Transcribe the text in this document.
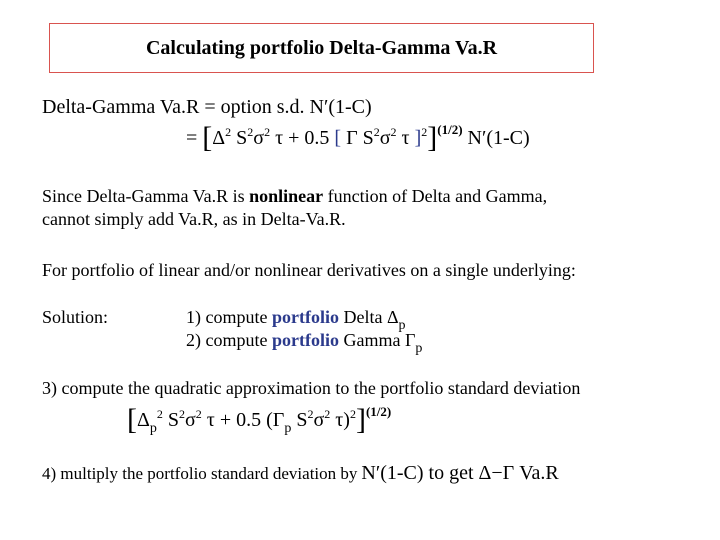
Calculating portfolio Delta-Gamma Va.R
Delta-Gamma Va.R = option s.d. N′(1-C)
= [$\Delta^2$ $S^2\sigma^2$ τ + 0.5 [ Γ $S^2\sigma^2$ τ ]$^2$]$^{(1/2)}$ N′(1-C)
Since Delta-Gamma Va.R is nonlinear function of Delta and Gamma,
cannot simply add Va.R, as in Delta-Va.R.
For portfolio of linear and/or nonlinear derivatives on a single underlying:
Solution:	1) compute portfolio Delta $\Delta_p$
2) compute portfolio Gamma $\Gamma_p$
3) compute the quadratic approximation to the portfolio standard deviation
[$\Delta_p^2$ $S^2\sigma^2$ τ + 0.5 ($\Gamma_p$ $S^2\sigma^2$ τ)$^2$]$^{(1/2)}$
4) multiply the portfolio standard deviation by N′(1-C) to get Δ−Γ Va.R
